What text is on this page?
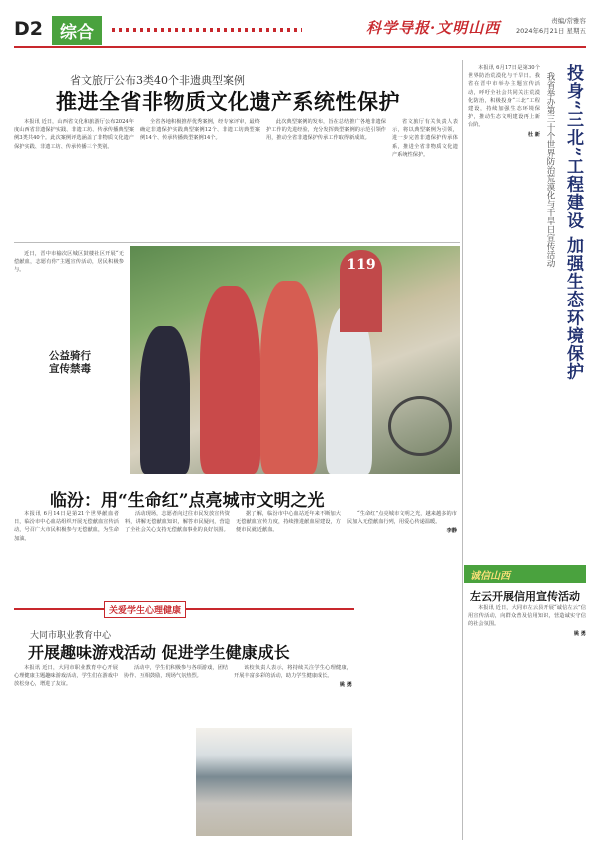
D2	综合	科学导报·文明山西	责编/常雅容
2024年6月21日 星期五
省文旅厅公布3类40个非遗典型案例
推进全省非物质文化遗产系统性保护

本报讯 近日，山西省文化和旅游厅公布2024年度山西省非遗保护实践、非遗工坊、传承传播典型案例3类共40个。此次案例评选涵盖了非物质文化遗产保护实践、非遗工坊、传承传播三个类别。

全省各地积极推荐优秀案例，经专家评审，最终确定非遗保护实践典型案例12个、非遗工坊典型案例14个、传承传播典型案例14个。

此次典型案例的发布，旨在总结推广各地非遗保护工作的先进经验，充分发挥典型案例的示范引领作用，推动全省非遗保护传承工作取得新成效。

省文旅厅有关负责人表示，将以典型案例为引领，进一步完善非遗保护传承体系，推进全省非物质文化遗产系统性保护。

近日，晋中市榆次区城区鼓楼社区开展“无偿献血，志愿有你”主题宣传活动，居民积极参与。

公益骑行
宣传禁毒
119
临汾：用“生命红”点亮城市文明之光

本报讯 6月14日是第21个世界献血者日，临汾市中心血站组织开展无偿献血宣传活动，号召广大市民积极参与无偿献血，为生命加油。

活动现场，志愿者向过往市民发放宣传资料，讲解无偿献血知识，解答市民疑问，营造了全社会关心支持无偿献血事业的良好氛围。

据了解，临汾市中心血站近年来不断加大无偿献血宣传力度，持续推进献血屋建设，方便市民就近献血。

“生命红”点亮城市文明之光，越来越多的市民加入无偿献血行列，用爱心传递温暖。

李静

关爱学生心理健康
大同市职业教育中心
开展趣味游戏活动 促进学生健康成长

本报讯 近日，大同市职业教育中心开展心理健康主题趣味游戏活动，学生们在游戏中放松身心，增进了友谊。

活动中，学生们积极参与各项游戏，团结协作、互相鼓励，现场气氛热烈。

该校负责人表示，将持续关注学生心理健康，开展丰富多彩的活动，助力学生健康成长。

姚 勇

投身“三北”工程建设 加强生态环境保护
我省举办第三十个世界防治荒漠化与干旱日宣传活动

本报讯 6月17日是第30个世界防治荒漠化与干旱日。我省在晋中市举办主题宣传活动，呼吁全社会共同关注荒漠化防治，积极投身“三北”工程建设，持续加强生态环境保护，推动生态文明建设再上新台阶。

杜 新

诚信山西
左云开展信用宣传活动

本报讯 近日，大同市左云县开展“诚信左云”信用宣传活动，向群众普及信用知识，营造诚实守信的社会氛围。

姚 勇
